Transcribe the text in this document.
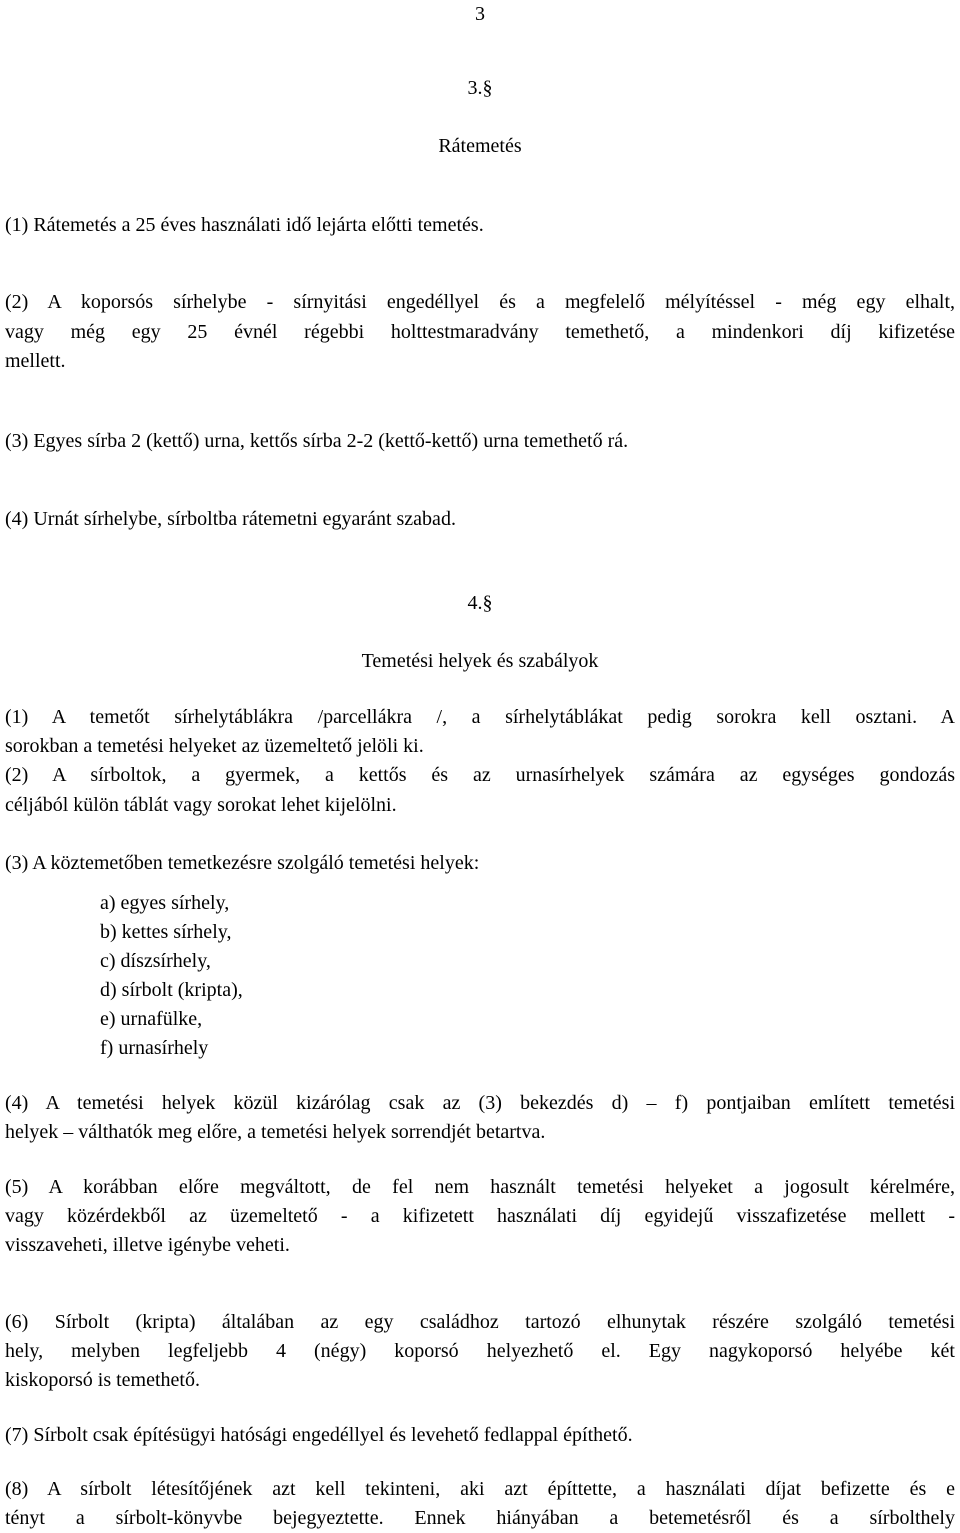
3
3.§
Rátemetés
(1) Rátemetés a 25 éves használati idő lejárta előtti temetés.
(2) A koporsós sírhelybe - sírnyitási engedéllyel és a megfelelő mélyítéssel - még egy elhalt,
vagy még egy 25 évnél régebbi holttestmaradvány temethető, a mindenkori díj kifizetése
mellett.
(3) Egyes sírba 2 (kettő) urna, kettős sírba 2-2 (kettő-kettő) urna temethető rá.
(4) Urnát sírhelybe, sírboltba rátemetni egyaránt szabad.
4.§
Temetési helyek és szabályok
(1) A temetőt sírhelytáblákra /parcellákra /, a sírhelytáblákat pedig sorokra kell osztani. A
sorokban a temetési helyeket az üzemeltető jelöli ki.
(2) A sírboltok, a gyermek, a kettős és az urnasírhelyek számára az egységes gondozás
céljából külön táblát vagy sorokat lehet kijelölni.
(3) A köztemetőben temetkezésre szolgáló temetési helyek:
a) egyes sírhely,
b) kettes sírhely,
c) díszsírhely,
d) sírbolt (kripta),
e) urnafülke,
f) urnasírhely
(4) A temetési helyek közül kizárólag csak az (3) bekezdés d) – f) pontjaiban említett temetési
helyek – válthatók meg előre, a temetési helyek sorrendjét betartva.
(5) A korábban előre megváltott, de fel nem használt temetési helyeket a jogosult kérelmére,
vagy közérdekből az üzemeltető - a kifizetett használati díj egyidejű visszafizetése mellett -
visszaveheti, illetve igénybe veheti.
(6) Sírbolt (kripta) általában az egy családhoz tartozó elhunytak részére szolgáló temetési
hely, melyben legfeljebb 4 (négy) koporsó helyezhető el. Egy nagykoporsó helyébe két
kiskoporsó is temethető.
(7) Sírbolt csak építésügyi hatósági engedéllyel és levehető fedlappal építhető.
(8) A sírbolt létesítőjének azt kell tekinteni, aki azt építtette, a használati díjat befizette és e
tényt a sírbolt-könyvbe bejegyeztette. Ennek hiányában a betemetésről és a sírbolthely
